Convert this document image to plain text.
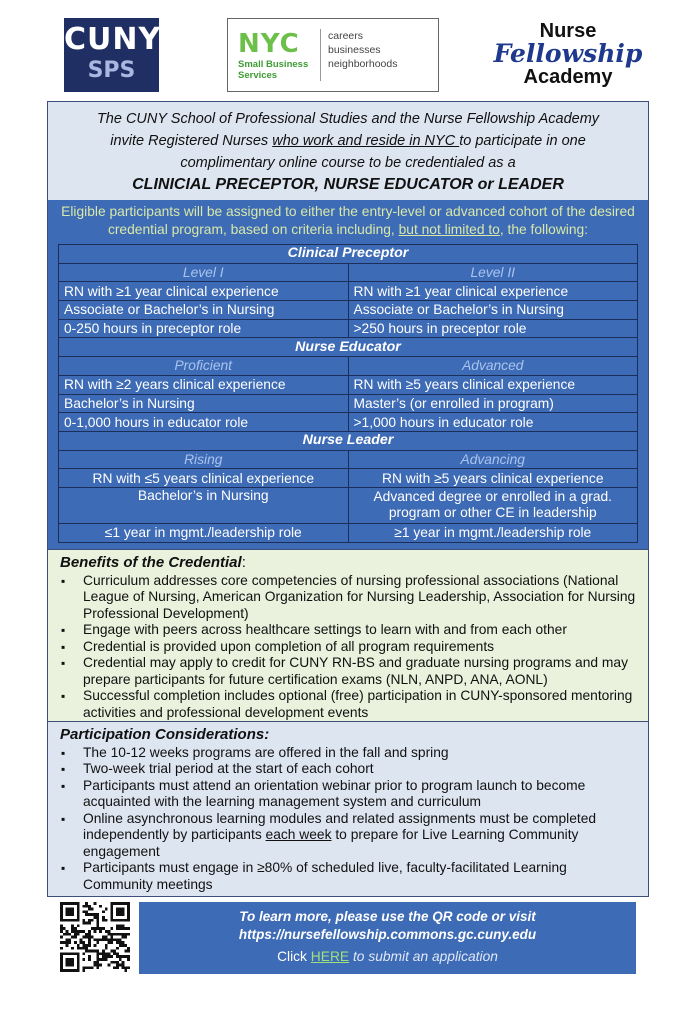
CUNY
SPS
NYC
Small Business
Services
careers
businesses
neighborhoods
Nurse
Fellowship
Academy
The CUNY School of Professional Studies and the Nurse Fellowship Academy
invite Registered Nurses who work and reside in NYC to participate in one
complimentary online course to be credentialed as a
CLINICIAL PRECEPTOR, NURSE EDUCATOR or LEADER
Eligible participants will be assigned to either the entry-level or advanced cohort of the desired credential program, based on criteria including, but not limited to, the following:
Clinical Preceptor	
Level I	Level II
RN with ≥1 year clinical experience	RN with ≥1 year clinical experience
Associate or Bachelor’s in Nursing	Associate or Bachelor’s in Nursing
0-250 hours in preceptor role	>250 hours in preceptor role
Nurse Educator	
Proficient	Advanced
RN with ≥2 years clinical experience	RN with ≥5 years clinical experience
Bachelor’s in Nursing	Master’s (or enrolled in program)
0-1,000 hours in educator role	>1,000 hours in educator role
Nurse Leader	
Rising	Advancing
RN with ≤5 years clinical experience	RN with ≥5 years clinical experience
Bachelor’s in Nursing	Advanced degree or enrolled in a grad. program or other CE in leadership
≤1 year in mgmt./leadership role	≥1 year in mgmt./leadership role
Benefits of the Credential:
▪ Curriculum addresses core competencies of nursing professional associations (National League of Nursing, American Organization for Nursing Leadership, Association for Nursing Professional Development)
▪ Engage with peers across healthcare settings to learn with and from each other
▪ Credential is provided upon completion of all program requirements
▪ Credential may apply to credit for CUNY RN-BS and graduate nursing programs and may prepare participants for future certification exams (NLN, ANPD, ANA, AONL)
▪ Successful completion includes optional (free) participation in CUNY-sponsored mentoring activities and professional development events
Participation Considerations:
▪ The 10-12 weeks programs are offered in the fall and spring
▪ Two-week trial period at the start of each cohort
▪ Participants must attend an orientation webinar prior to program launch to become acquainted with the learning management system and curriculum
▪ Online asynchronous learning modules and related assignments must be completed independently by participants each week to prepare for Live Learning Community engagement
▪ Participants must engage in ≥80% of scheduled live, faculty-facilitated Learning Community meetings
To learn more, please use the QR code or visit
https://nursefellowship.commons.gc.cuny.edu
Click HERE to submit an application
